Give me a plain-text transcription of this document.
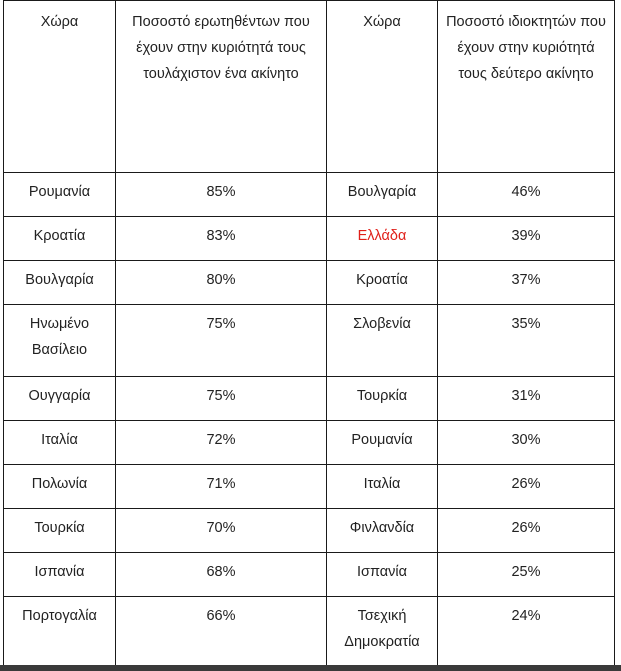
Χώρα	Ποσοστό ερωτηθέντων που έχουν στην κυριότητά τους τουλάχιστον ένα ακίνητο	Χώρα	Ποσοστό ιδιοκτητών που έχουν στην κυριότητά τους δεύτερο ακίνητο
Ρουμανία	85%	Βουλγαρία	46%
Κροατία	83%	Ελλάδα	39%
Βουλγαρία	80%	Κροατία	37%
Ηνωμένο Βασίλειο	75%	Σλοβενία	35%
Ουγγαρία	75%	Τουρκία	31%
Ιταλία	72%	Ρουμανία	30%
Πολωνία	71%	Ιταλία	26%
Τουρκία	70%	Φινλανδία	26%
Ισπανία	68%	Ισπανία	25%
Πορτογαλία	66%	Τσεχική Δημοκρατία	24%
